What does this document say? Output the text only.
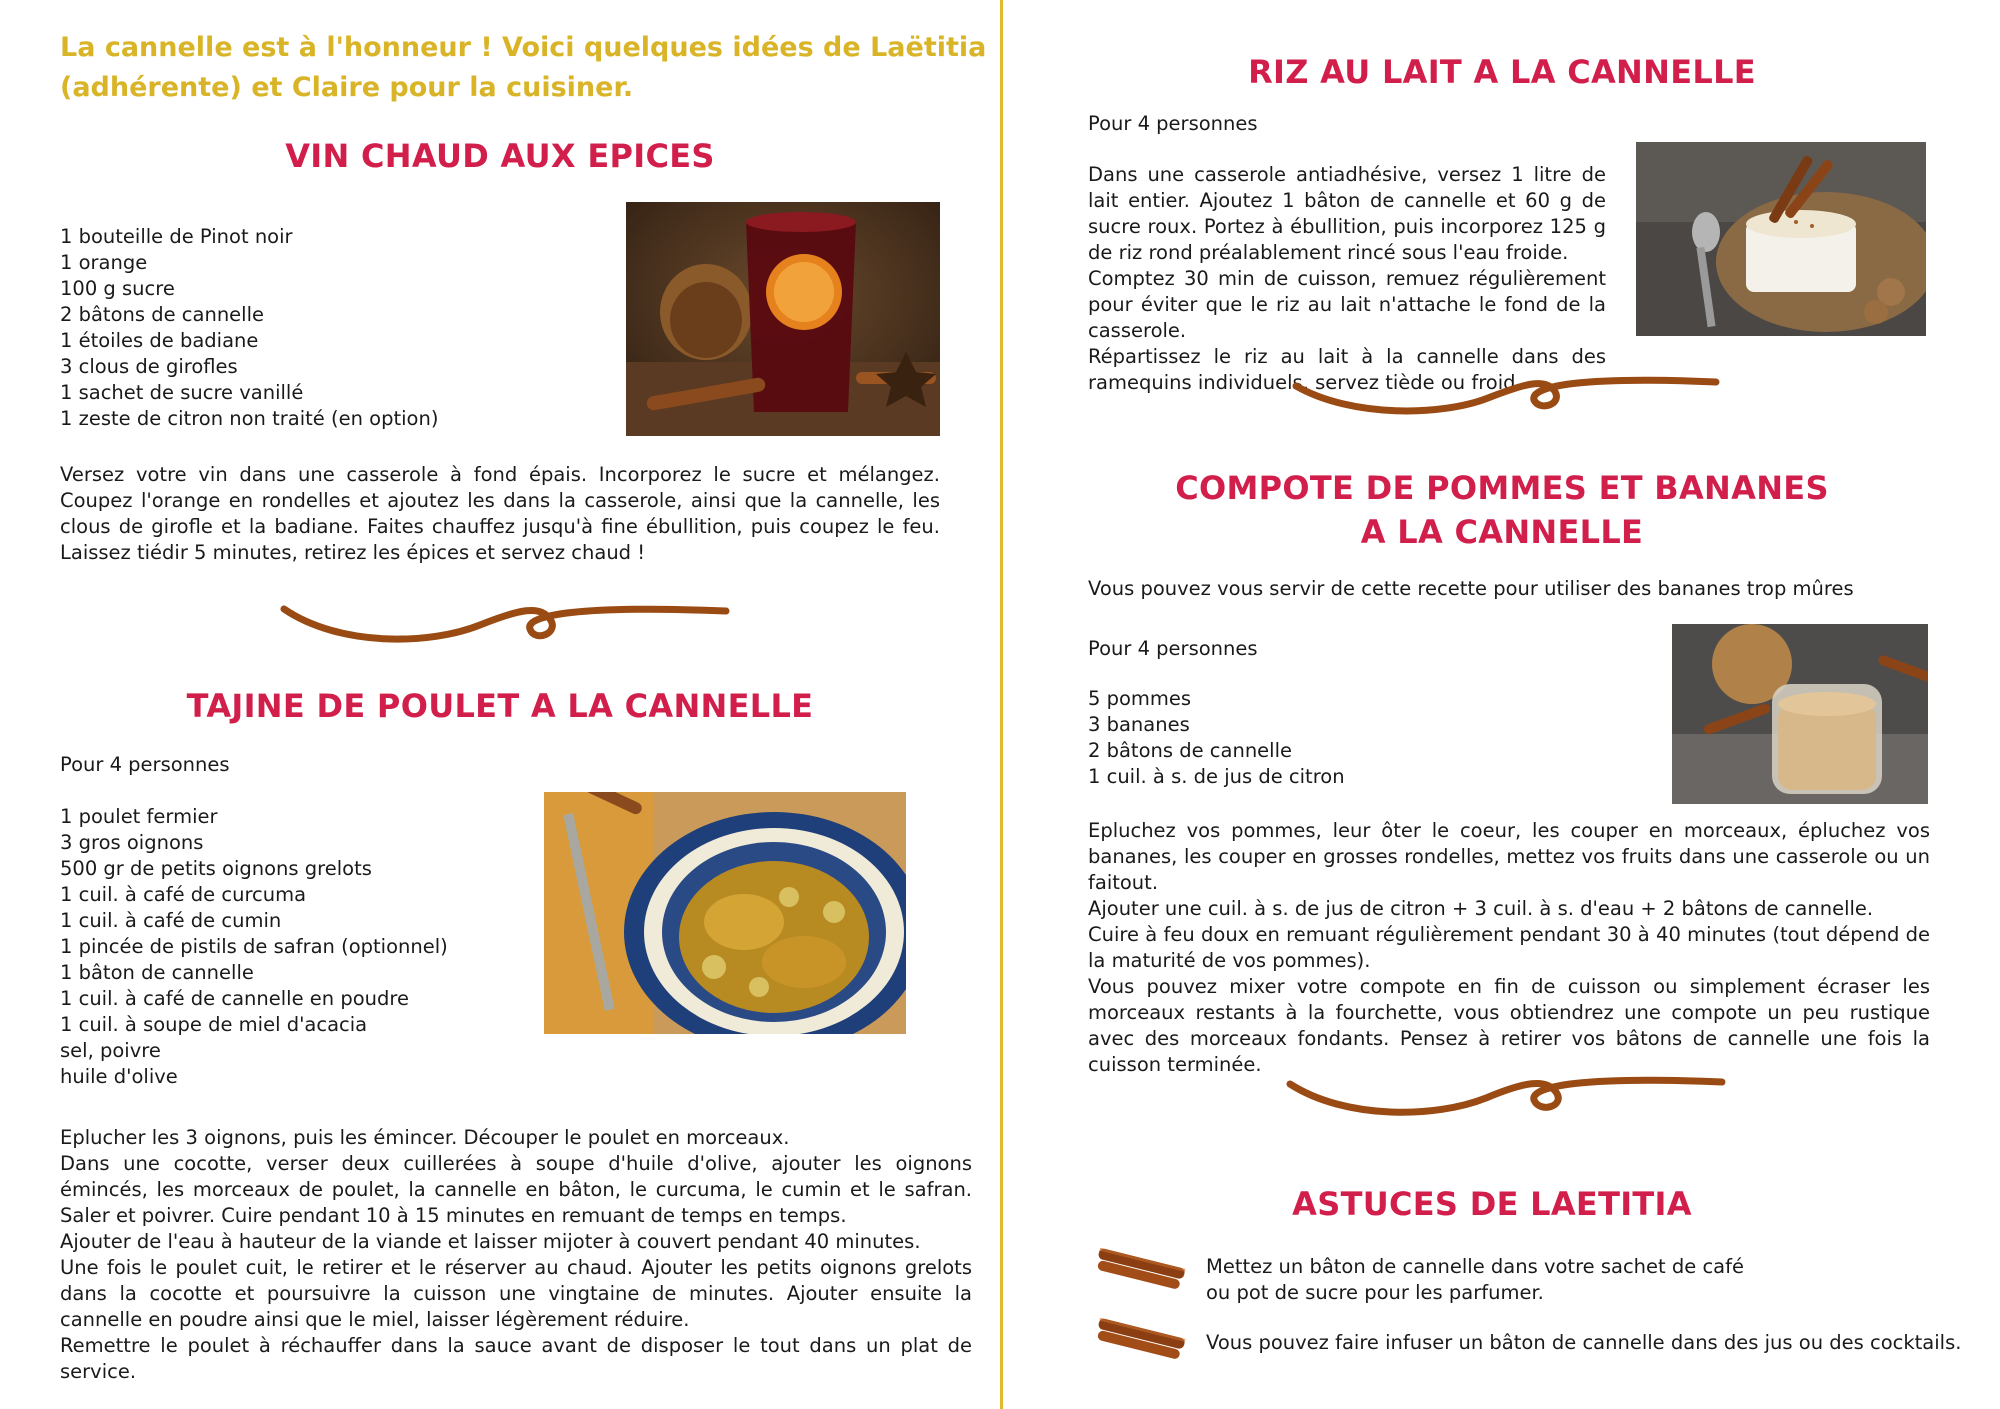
La cannelle est à l'honneur ! Voici quelques idées de Laëtitia (adhérente) et Claire pour la cuisiner.
VIN CHAUD AUX EPICES
1 bouteille de Pinot noir
1 orange
100 g sucre
2 bâtons de cannelle
1 étoiles de badiane
3 clous de girofles
1 sachet de sucre vanillé
1 zeste de citron non traité (en option)
Versez votre vin dans une casserole à fond épais. Incorporez le sucre et mélangez. Coupez l'orange en rondelles et ajoutez les dans la casserole, ainsi que la cannelle, les clous de girofle et la badiane. Faites chauffez jusqu'à fine ébullition, puis coupez le feu. Laissez tiédir 5 minutes, retirez les épices et servez chaud !
TAJINE DE POULET A LA CANNELLE
Pour 4 personnes
1 poulet fermier
3 gros oignons
500 gr de petits oignons grelots
1 cuil. à café de curcuma
1 cuil. à café de cumin
1 pincée de pistils de safran (optionnel)
1 bâton de cannelle
1 cuil. à café de cannelle en poudre
1 cuil. à soupe de miel d'acacia
sel, poivre
huile d'olive

Eplucher les 3 oignons, puis les émincer. Découper le poulet en morceaux.

Dans une cocotte, verser deux cuillerées à soupe d'huile d'olive, ajouter les oignons émincés, les morceaux de poulet, la cannelle en bâton, le curcuma, le cumin et le safran. Saler et poivrer. Cuire pendant 10 à 15 minutes en remuant de temps en temps.

Ajouter de l'eau à hauteur de la viande et laisser mijoter à couvert pendant 40 minutes.

Une fois le poulet cuit, le retirer et le réserver au chaud. Ajouter les petits oignons grelots dans la cocotte et poursuivre la cuisson une vingtaine de minutes. Ajouter ensuite la cannelle en poudre ainsi que le miel, laisser légèrement réduire.

Remettre le poulet à réchauffer dans la sauce avant de disposer le tout dans un plat de service.

RIZ AU LAIT A LA CANNELLE
Pour 4 personnes

Dans une casserole antiadhésive, versez 1 litre de lait entier. Ajoutez 1 bâton de cannelle et 60 g de sucre roux. Portez à ébullition, puis incorporez 125 g de riz rond préalablement rincé sous l'eau froide.

Comptez 30 min de cuisson, remuez régulièrement pour éviter que le riz au lait n'attache le fond de la casserole.

Répartissez le riz au lait à la cannelle dans des ramequins individuels, servez tiède ou froid.

COMPOTE DE POMMES ET BANANES
A LA CANNELLE
Vous pouvez vous servir de cette recette pour utiliser des bananes trop mûres
Pour 4 personnes
5 pommes
3 bananes
2 bâtons de cannelle
1 cuil. à s. de jus de citron

Epluchez vos pommes, leur ôter le coeur, les couper en morceaux, épluchez vos bananes, les couper en grosses rondelles, mettez vos fruits dans une casserole ou un faitout.

Ajouter une cuil. à s. de jus de citron + 3 cuil. à s. d'eau + 2 bâtons de cannelle.

Cuire à feu doux en remuant régulièrement pendant 30 à 40 minutes (tout dépend de la maturité de vos pommes).

Vous pouvez mixer votre compote en fin de cuisson ou simplement écraser les morceaux restants à la fourchette, vous obtiendrez une compote un peu rustique avec des morceaux fondants. Pensez à retirer vos bâtons de cannelle une fois la cuisson terminée.

ASTUCES DE LAETITIA

Mettez un bâton de cannelle dans votre sachet de café

ou pot de sucre pour les parfumer.

Vous pouvez faire infuser un bâton de cannelle dans des jus ou des cocktails.
